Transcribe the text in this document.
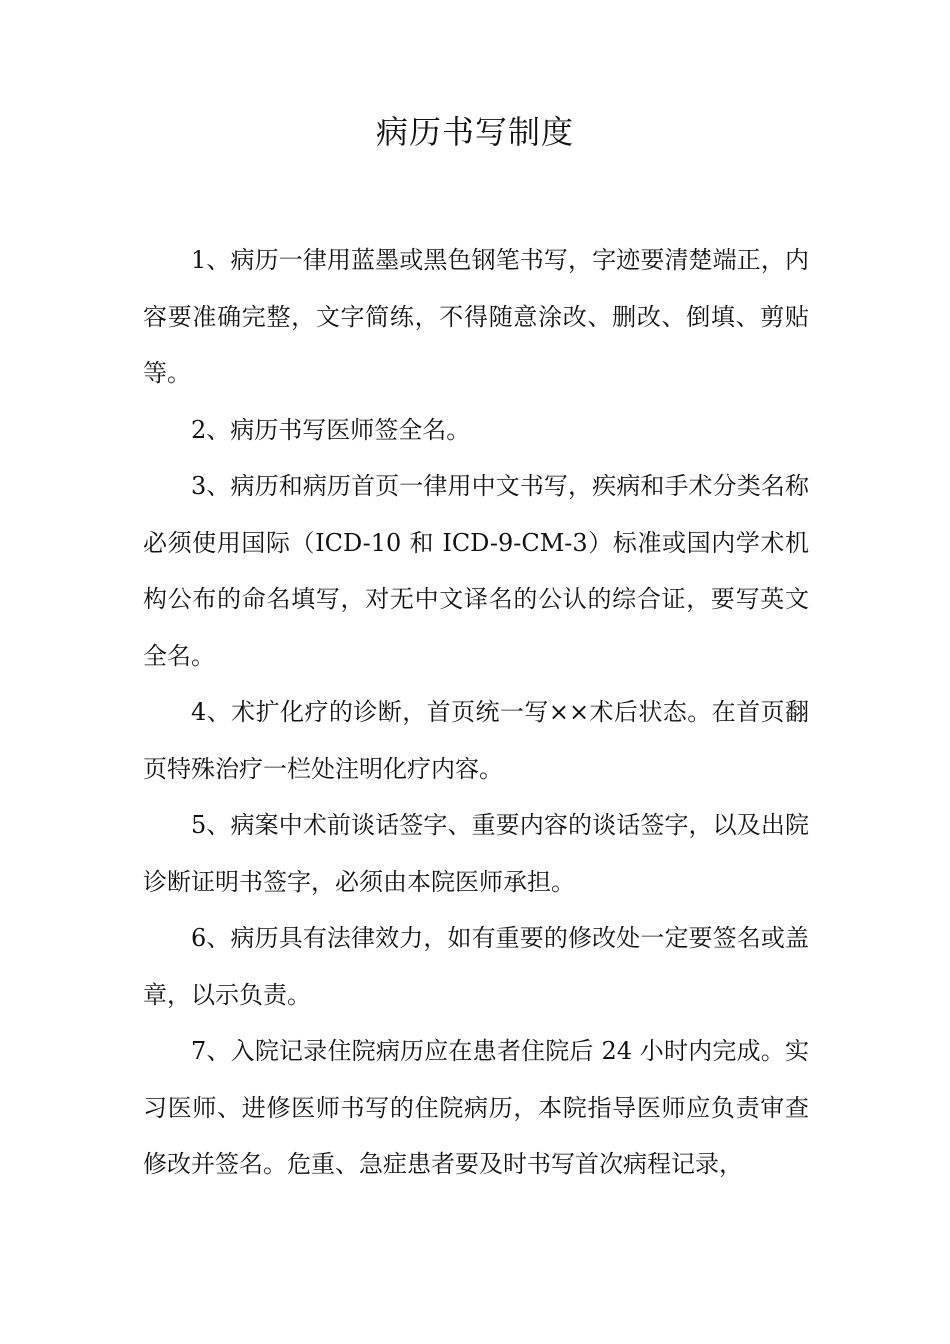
病历书写制度

1、病历一律用蓝墨或黑色钢笔书写，字迹要清楚端正，内容要准确完整，文字简练，不得随意涂改、删改、倒填、剪贴等。

2、病历书写医师签全名。

3、病历和病历首页一律用中文书写，疾病和手术分类名称必须使用国际（ICD-10 和 ICD-9-CM-3）标准或国内学术机构公布的命名填写，对无中文译名的公认的综合证，要写英文全名。

4、术扩化疗的诊断，首页统一写××术后状态。在首页翻页特殊治疗一栏处注明化疗内容。

5、病案中术前谈话签字、重要内容的谈话签字，以及出院诊断证明书签字，必须由本院医师承担。

6、病历具有法律效力，如有重要的修改处一定要签名或盖章，以示负责。

7、入院记录住院病历应在患者住院后 24 小时内完成。实习医师、进修医师书写的住院病历，本院指导医师应负责审查修改并签名。危重、急症患者要及时书写首次病程记录，
